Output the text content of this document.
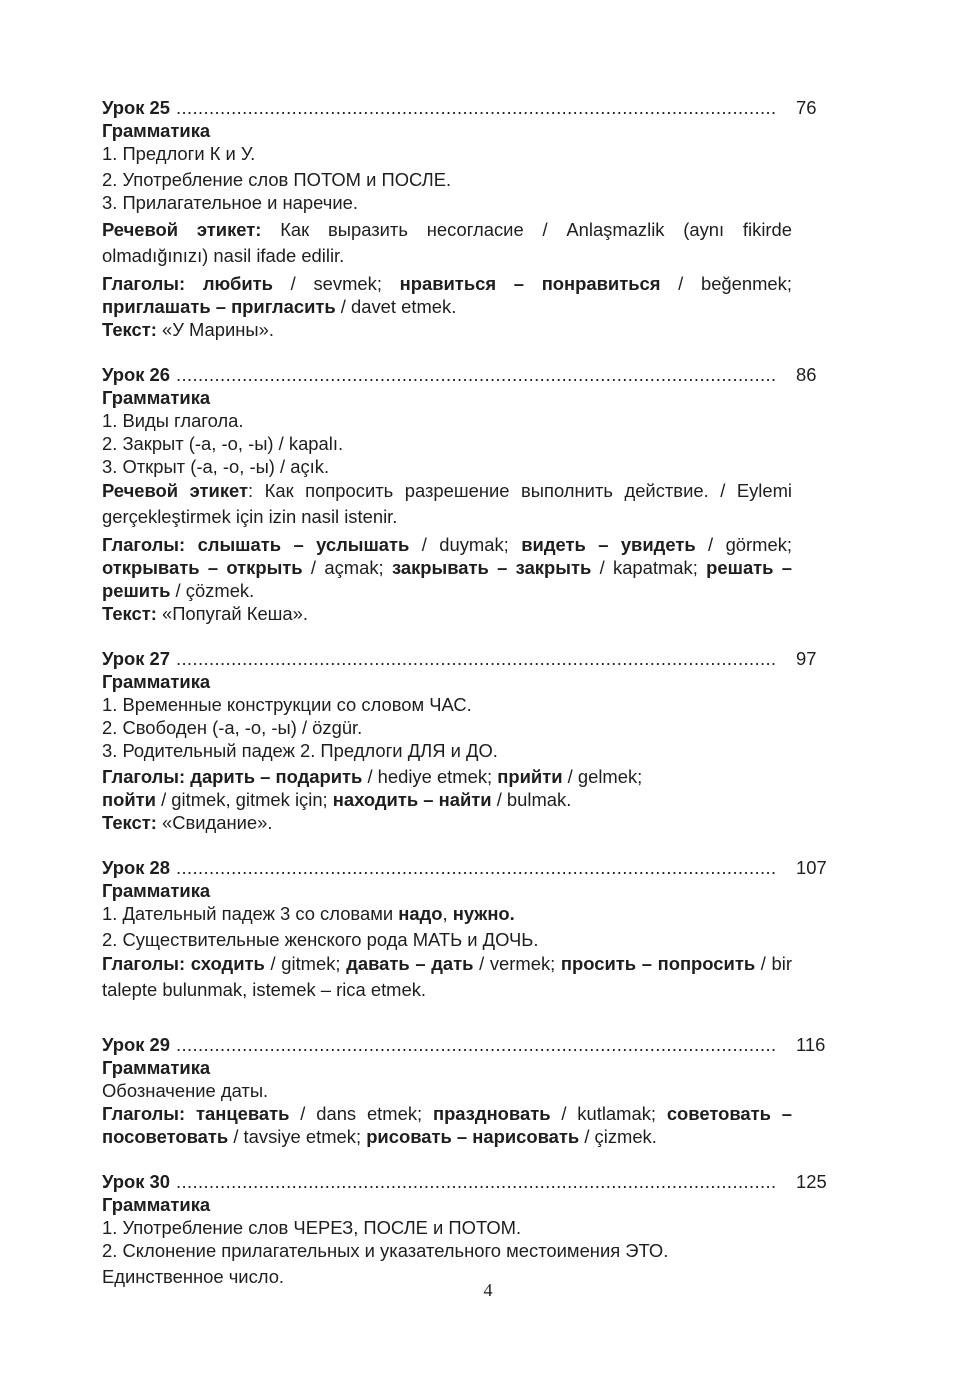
Урок 25 .....	76
Грамматика
1. Предлоги К и У.
2. Употребление слов ПОТОМ и ПОСЛЕ.
3. Прилагательное и наречие.
Речевой этикет: Как выразить несогласие / Anlaşmazlik (aynı fikirde olmadığınızı) nasil ifade edilir.
Глаголы: любить / sevmek; нравиться – понравиться / beğenmek; приглашать – пригласить / davet etmek.
Текст: «У Марины».
Урок 26 .....	86
Грамматика
1. Виды глагола.
2. Закрыт (-а, -о, -ы) / kapalı.
3. Открыт (-а, -о, -ы) / açık.
Речевой этикет: Как попросить разрешение выполнить действие. / Eylemi gerçekleştirmek için izin nasil istenir.
Глаголы: слышать – услышать / duymak; видеть – увидеть / görmek; открывать – открыть / açmak; закрывать – закрыть / kapatmak; решать – решить / çözmek.
Текст: «Попугай Кеша».
Урок 27 .....	97
Грамматика
1. Временные конструкции со словом ЧАС.
2. Свободен (-а, -о, -ы) / özgür.
3. Родительный падеж 2. Предлоги ДЛЯ и ДО.
Глаголы: дарить – подарить / hediye etmek; прийти / gelmek;
пойти / gitmek, gitmek için; находить – найти / bulmak.
Текст: «Свидание».
Урок 28 .....	107
Грамматика
1. Дательный падеж 3 со словами надо, нужно.
2. Существительные женского рода МАТЬ и ДОЧЬ.
Глаголы: сходить / gitmek; давать – дать / vermek; просить – попросить / bir talepte bulunmak, istemek – rica etmek.
Урок 29 .....	116
Грамматика
Обозначение даты.
Глаголы: танцевать / dans etmek; праздновать / kutlamak; советовать – посоветовать / tavsiye etmek; рисовать – нарисовать / çizmek.
Урок 30 .....	125
Грамматика
1. Употребление слов ЧЕРЕЗ, ПОСЛЕ и ПОТОМ.
2. Склонение прилагательных и указательного местоимения ЭТО.
Единственное число.
4
